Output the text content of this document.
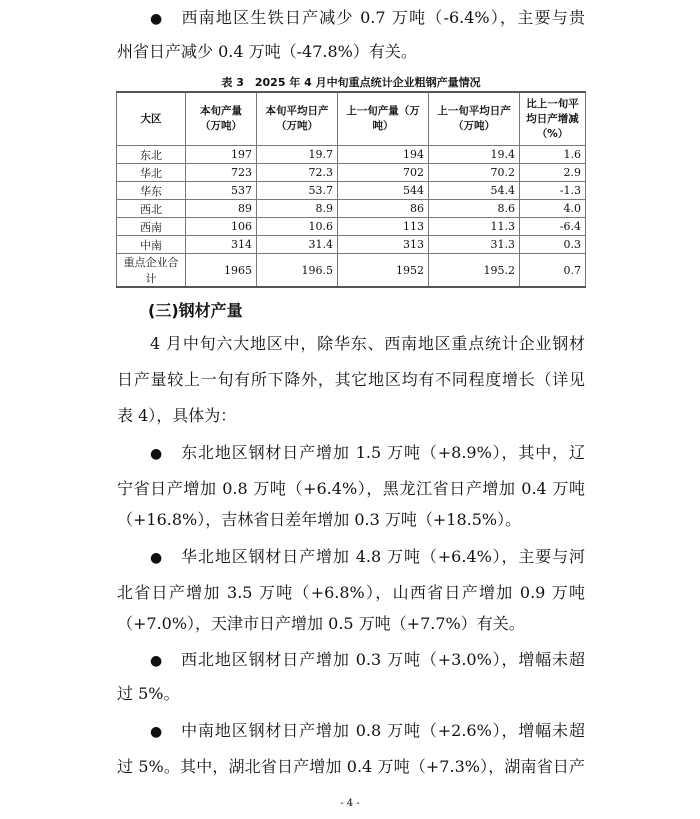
● 西南地区生铁日产减少 0.7 万吨（-6.4%），主要与贵
州省日产减少 0.4 万吨（-47.8%）有关。
表 3　2025 年 4 月中旬重点统计企业粗钢产量情况
大区	本旬产量（万吨）	本旬平均日产（万吨）	上一旬产量（万吨）	上一旬平均日产（万吨）	比上一旬平均日产增减（%）
东北	197	19.7	194	19.4	1.6
华北	723	72.3	702	70.2	2.9
华东	537	53.7	544	54.4	-1.3
西北	89	8.9	86	8.6	4.0
西南	106	10.6	113	11.3	-6.4
中南	314	31.4	313	31.3	0.3
重点企业合计	1965	196.5	1952	195.2	0.7
(三)钢材产量
4 月中旬六大地区中，除华东、西南地区重点统计企业钢材
日产量较上一旬有所下降外，其它地区均有不同程度增长（详见
表 4），具体为：
● 东北地区钢材日产增加 1.5 万吨（+8.9%），其中，辽
宁省日产增加 0.8 万吨（+6.4%），黑龙江省日产增加 0.4 万吨
（+16.8%），吉林省日差年增加 0.3 万吨（+18.5%）。
● 华北地区钢材日产增加 4.8 万吨（+6.4%），主要与河
北省日产增加 3.5 万吨（+6.8%），山西省日产增加 0.9 万吨
（+7.0%），天津市日产增加 0.5 万吨（+7.7%）有关。
● 西北地区钢材日产增加 0.3 万吨（+3.0%），增幅未超
过 5%。
● 中南地区钢材日产增加 0.8 万吨（+2.6%），增幅未超
过 5%。其中，湖北省日产增加 0.4 万吨（+7.3%），湖南省日产
- 4 -
